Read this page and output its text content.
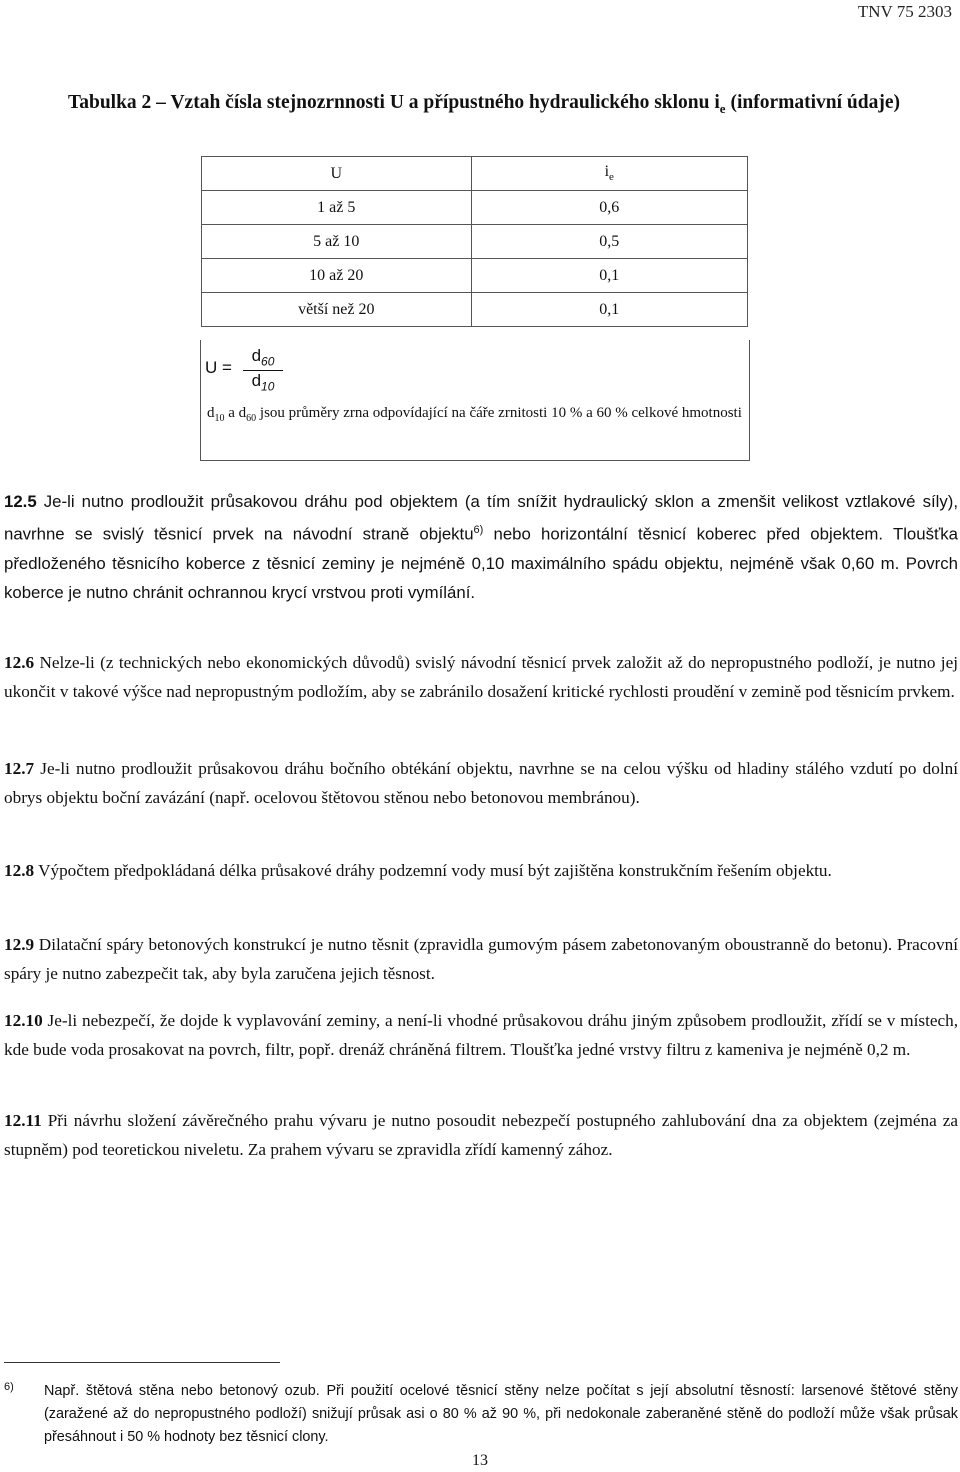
TNV 75 2303
Tabulka 2 – Vztah čísla stejnozrnnosti U a přípustného hydraulického sklonu $i_e$ (informativní údaje)
U	$i_e$
1 až 5	0,6
5 až 10	0,5
10 až 20	0,1
větší než 20	0,1
$U = \frac{d_{60}}{d_{10}}$
$d_{10}$ a $d_{60}$ jsou průměry zrna odpovídající na čáře zrnitosti 10 % a 60 % celkové hmotnosti
12.5 Je-li nutno prodloužit průsakovou dráhu pod objektem (a tím snížit hydraulický sklon a zmenšit velikost vztlakové síly), navrhne se svislý těsnicí prvek na návodní straně objektu$^{6)}$ nebo horizontální těsnicí koberec před objektem. Tloušťka předloženého těsnicího koberce z těsnicí zeminy je nejméně 0,10 maximálního spádu objektu, nejméně však 0,60 m. Povrch koberce je nutno chránit ochrannou krycí vrstvou proti vymílání.
12.6 Nelze-li (z technických nebo ekonomických důvodů) svislý návodní těsnicí prvek založit až do nepropustného podloží, je nutno jej ukončit v takové výšce nad nepropustným podložím, aby se zabránilo dosažení kritické rychlosti proudění v zemině pod těsnicím prvkem.
12.7 Je-li nutno prodloužit průsakovou dráhu bočního obtékání objektu, navrhne se na celou výšku od hladiny stálého vzdutí po dolní obrys objektu boční zavázání (např. ocelovou štětovou stěnou nebo betonovou membránou).
12.8 Výpočtem předpokládaná délka průsakové dráhy podzemní vody musí být zajištěna konstrukčním řešením objektu.
12.9 Dilatační spáry betonových konstrukcí je nutno těsnit (zpravidla gumovým pásem zabetonovaným oboustranně do betonu). Pracovní spáry je nutno zabezpečit tak, aby byla zaručena jejich těsnost.
12.10 Je-li nebezpečí, že dojde k vyplavování zeminy, a není-li vhodné průsakovou dráhu jiným způsobem prodloužit, zřídí se v místech, kde bude voda prosakovat na povrch, filtr, popř. drenáž chráněná filtrem. Tloušťka jedné vrstvy filtru z kameniva je nejméně 0,2 m.
12.11 Při návrhu složení závěrečného prahu vývaru je nutno posoudit nebezpečí postupného zahlubování dna za objektem (zejména za stupněm) pod teoretickou niveletu. Za prahem vývaru se zpravidla zřídí kamenný zához.
6) Např. štětová stěna nebo betonový ozub. Při použití ocelové těsnicí stěny nelze počítat s její absolutní těsností: larsenové štětové stěny (zaražené až do nepropustného podloží) snižují průsak asi o 80 % až 90 %, při nedokonale zaberaněné stěně do podloží může však průsak přesáhnout i 50 % hodnoty bez těsnicí clony.
13
